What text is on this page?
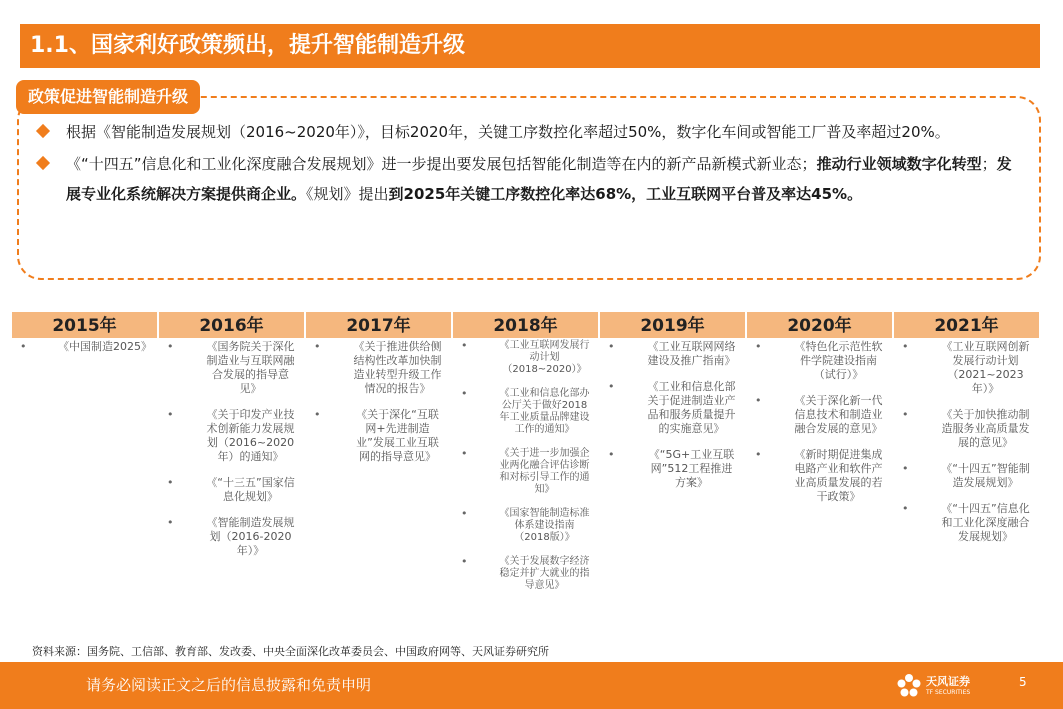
1.1、国家利好政策频出，提升智能制造升级
政策促进智能制造升级
根据《智能制造发展规划（2016~2020年）》，目标2020年，关键工序数控化率超过50%，数字化车间或智能工厂普及率超过20%。
《“十四五”信息化和工业化深度融合发展规划》进一步提出要发展包括智能化制造等在内的新产品新模式新业态；推动行业领域数字化转型；发展专业化系统解决方案提供商企业。《规划》提出到2025年关键工序数控化率达68%，工业互联网平台普及率达45%。
2015年
•	《中国制造2025》
2016年
•	《国务院关于深化制造业与互联网融合发展的指导意见》
•	《关于印发产业技术创新能力发展规划（2016~2020年）的通知》
•	《“十三五”国家信息化规划》
•	《智能制造发展规划（2016-2020年）》
2017年
•	《关于推进供给侧结构性改革加快制造业转型升级工作情况的报告》
•	《关于深化“互联网+先进制造业”发展工业互联网的指导意见》
2018年
•	《工业互联网发展行动计划（2018~2020）》
•	《工业和信息化部办公厅关于做好2018年工业质量品牌建设工作的通知》
•	《关于进一步加强企业两化融合评估诊断和对标引导工作的通知》
•	《国家智能制造标准体系建设指南（2018版）》
•	《关于发展数字经济稳定并扩大就业的指导意见》
2019年
•	《工业互联网网络建设及推广指南》
•	《工业和信息化部关于促进制造业产品和服务质量提升的实施意见》
•	《“5G+工业互联网”512工程推进方案》
2020年
•	《特色化示范性软件学院建设指南（试行）》
•	《关于深化新一代信息技术和制造业融合发展的意见》
•	《新时期促进集成电路产业和软件产业高质量发展的若干政策》
2021年
•	《工业互联网创新发展行动计划（2021~2023年）》
•	《关于加快推动制造服务业高质量发展的意见》
•	《“十四五”智能制造发展规划》
•	《“十四五”信息化和工业化深度融合发展规划》
资料来源：国务院、工信部、教育部、发改委、中央全面深化改革委员会、中国政府网等、天风证券研究所
请务必阅读正文之后的信息披露和免责申明	天风证券
TF SECURITIES
5
